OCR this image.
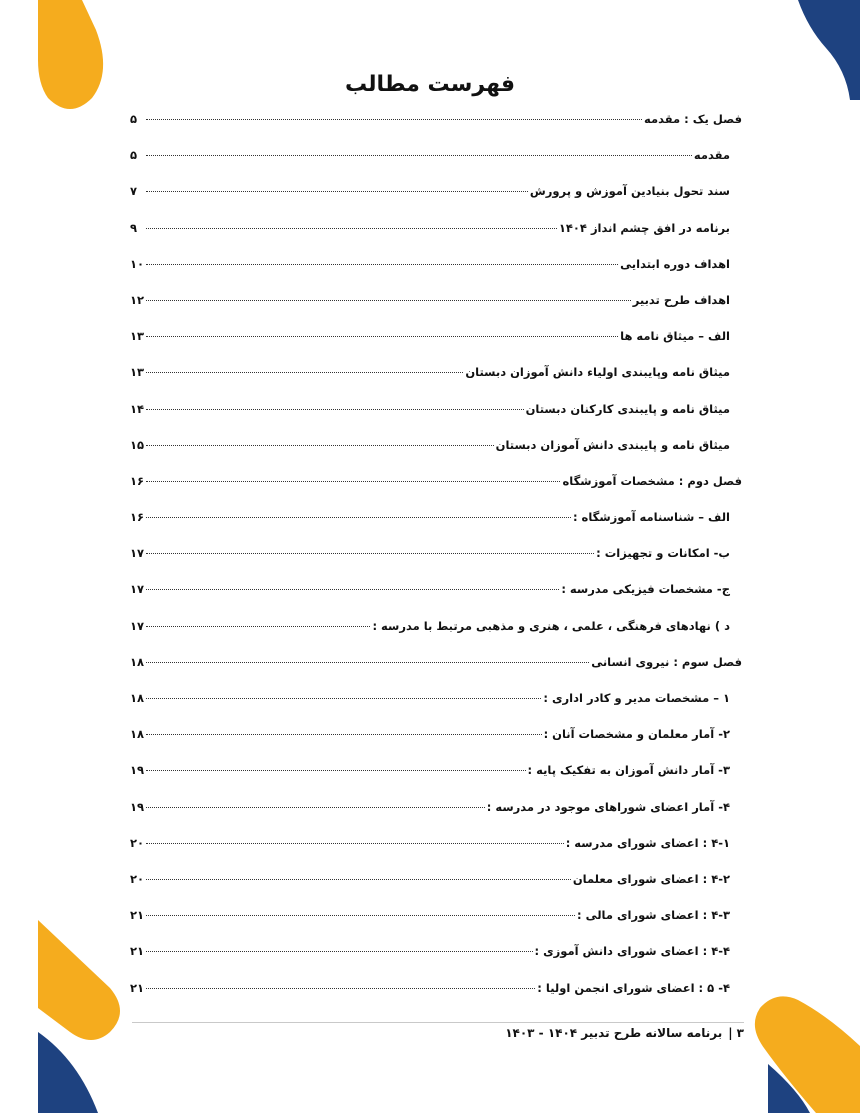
فهرست مطالب
فصل یک : مقدمه
۵
مقدمه
۵
سند تحول بنیادین آموزش و پرورش
۷
برنامه در افق چشم انداز ۱۴۰۴
۹
اهداف دوره ابتدایی
۱۰
اهداف طرح تدبیر
۱۲
الف – میثاق نامه ها
۱۳
میثاق نامه وپایبندی اولیاء دانش آموزان دبستان
۱۳
میثاق نامه و پایبندی کارکنان دبستان
۱۴
میثاق نامه و پایبندی دانش آموزان دبستان
۱۵
فصل دوم : مشخصات آموزشگاه
۱۶
الف – شناسنامه آموزشگاه :
۱۶
ب- امکانات و تجهیزات :
۱۷
ج- مشخصات فیزیکی مدرسه :
۱۷
د ) نهادهای فرهنگی ، علمی ، هنری و مذهبی مرتبط با مدرسه :
۱۷
فصل سوم : نیروی انسانی
۱۸
۱ – مشخصات مدیر و کادر اداری :
۱۸
۲- آمار معلمان و مشخصات آنان :
۱۸
۳- آمار دانش آموزان به تفکیک پایه :
۱۹
۴- آمار اعضای شوراهای موجود در مدرسه :
۱۹
۴-۱ : اعضای شورای مدرسه :
۲۰
۴-۲ : اعضای شورای معلمان
۲۰
۴-۳ : اعضای شورای مالی :
۲۱
۴-۴ : اعضای شورای دانش آموزی :
۲۱
۴- ۵ : اعضای شورای انجمن اولیا :
۲۱
۳|برنامه سالانه طرح تدبیر ۱۴۰۴ - ۱۴۰۳
